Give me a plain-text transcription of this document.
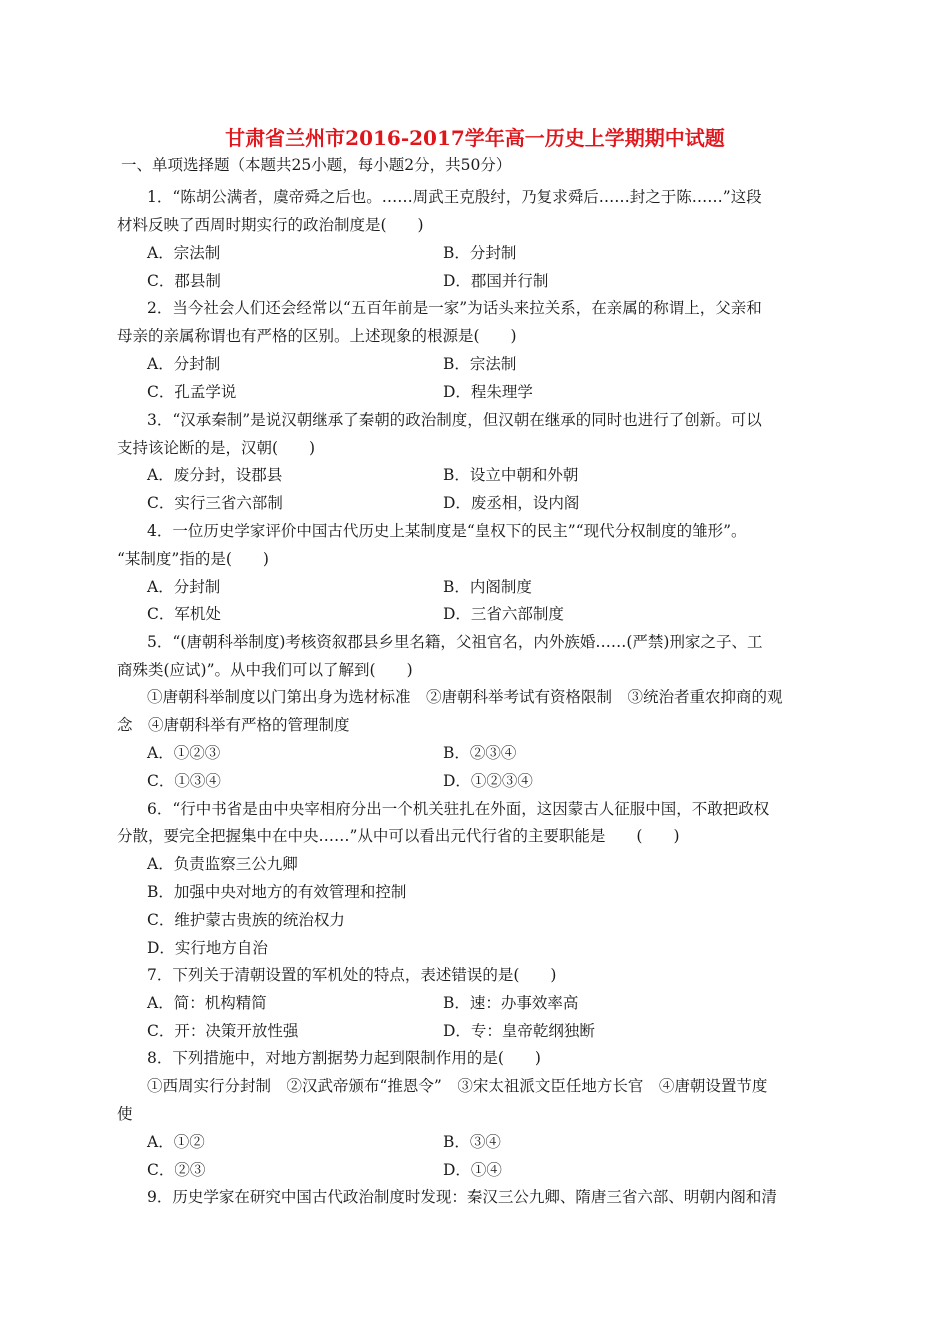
甘肃省兰州市2016-2017学年高一历史上学期期中试题
一、单项选择题（本题共25小题，每小题2分，共50分）
1．“陈胡公满者，虞帝舜之后也。……周武王克殷纣，乃复求舜后……封之于陈……”这段
材料反映了西周时期实行的政治制度是(　　)
A．宗法制	B．分封制
C．郡县制	D．郡国并行制
2．当今社会人们还会经常以“五百年前是一家”为话头来拉关系，在亲属的称谓上，父亲和
母亲的亲属称谓也有严格的区别。上述现象的根源是(　　)
A．分封制	B．宗法制
C．孔孟学说	D．程朱理学
3．“汉承秦制”是说汉朝继承了秦朝的政治制度，但汉朝在继承的同时也进行了创新。可以
支持该论断的是，汉朝(　　)
A．废分封，设郡县	B．设立中朝和外朝
C．实行三省六部制	D．废丞相，设内阁
4．一位历史学家评价中国古代历史上某制度是“皇权下的民主”“现代分权制度的雏形”。
“某制度”指的是(　　)
A．分封制	B．内阁制度
C．军机处	D．三省六部制度
5．“(唐朝科举制度)考核资叙郡县乡里名籍，父祖官名，内外族婚……(严禁)刑家之子、工
商殊类(应试)”。从中我们可以了解到(　　)
①唐朝科举制度以门第出身为选材标准　②唐朝科举考试有资格限制　③统治者重农抑商的观
念　④唐朝科举有严格的管理制度
A．①②③	B．②③④
C．①③④	D．①②③④
6．“行中书省是由中央宰相府分出一个机关驻扎在外面，这因蒙古人征服中国，不敢把政权
分散，要完全把握集中在中央……”从中可以看出元代行省的主要职能是　　(　　)
A．负责监察三公九卿
B．加强中央对地方的有效管理和控制
C．维护蒙古贵族的统治权力
D．实行地方自治
7．下列关于清朝设置的军机处的特点，表述错误的是(　　)
A．简：机构精简	B．速：办事效率高
C．开：决策开放性强	D．专：皇帝乾纲独断
8．下列措施中，对地方割据势力起到限制作用的是(　　)
①西周实行分封制　②汉武帝颁布“推恩令”　③宋太祖派文臣任地方长官　④唐朝设置节度
使
A．①②	B．③④
C．②③	D．①④
9．历史学家在研究中国古代政治制度时发现：秦汉三公九卿、隋唐三省六部、明朝内阁和清
